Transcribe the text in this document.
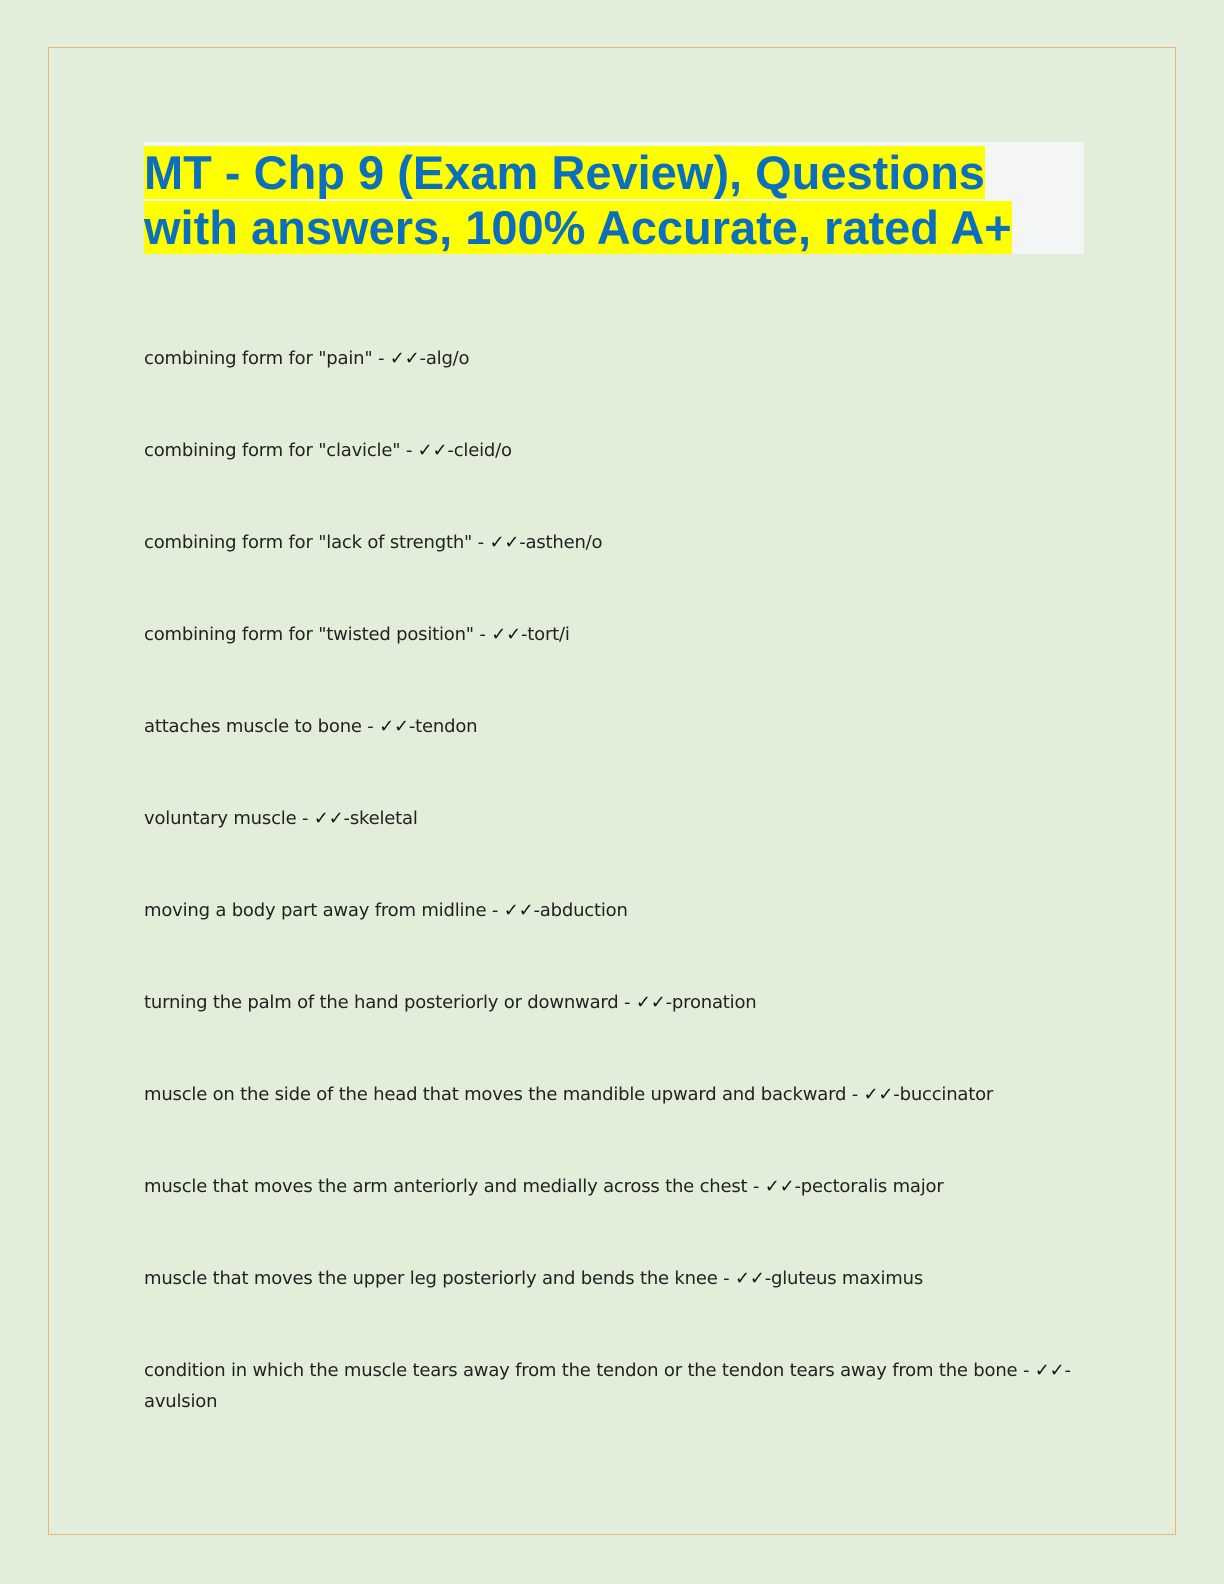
MT - Chp 9 (Exam Review), Questions
with answers, 100% Accurate, rated A+
combining form for "pain" - ✓✓-alg/o
combining form for "clavicle" - ✓✓-cleid/o
combining form for "lack of strength" - ✓✓-asthen/o
combining form for "twisted position" - ✓✓-tort/i
attaches muscle to bone - ✓✓-tendon
voluntary muscle - ✓✓-skeletal
moving a body part away from midline - ✓✓-abduction
turning the palm of the hand posteriorly or downward - ✓✓-pronation
muscle on the side of the head that moves the mandible upward and backward - ✓✓-buccinator
muscle that moves the arm anteriorly and medially across the chest - ✓✓-pectoralis major
muscle that moves the upper leg posteriorly and bends the knee - ✓✓-gluteus maximus
condition in which the muscle tears away from the tendon or the tendon tears away from the bone - ✓✓-avulsion
